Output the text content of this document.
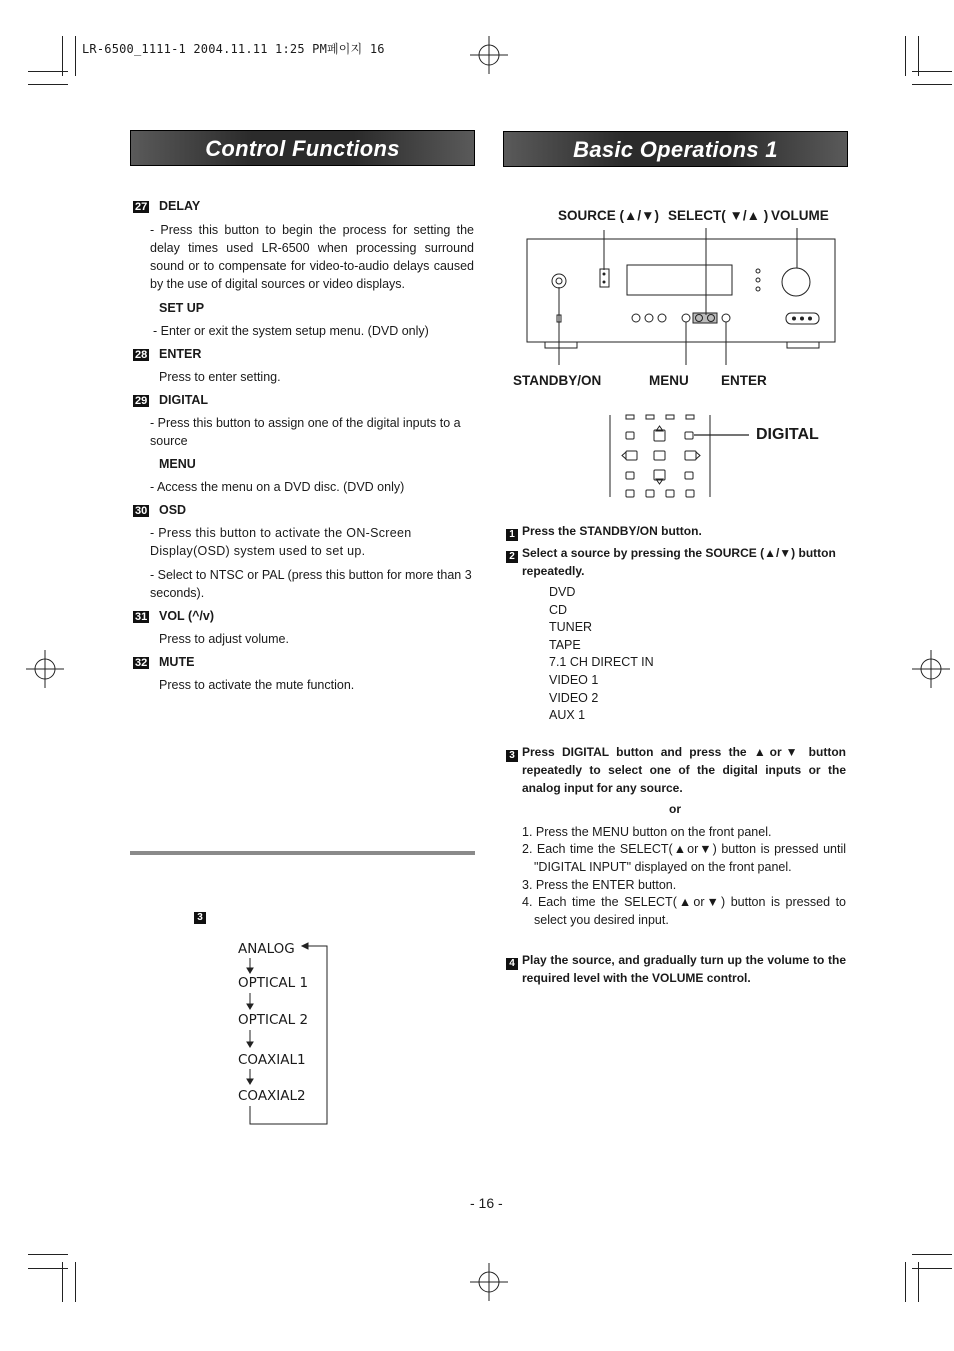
LR-6500_1111-1 2004.11.11 1:25 PM페이지 16
Control Functions
27 DELAY
- Press this button to begin the process for setting the delay times used LR-6500 when processing surround sound or to compensate for video-to-audio delays caused by the use of digital sources or video displays.
SET UP
- Enter or exit the system setup menu. (DVD only)
28 ENTER
Press to enter setting.
29 DIGITAL
- Press this button to assign one of the digital inputs to a source
MENU
- Access the menu on a DVD disc. (DVD only)
30 OSD
- Press this button to activate the ON-Screen Display(OSD) system used to set up.
- Select to NTSC or PAL (press this button for more than 3 seconds).
31 VOL (^/v)
Press to adjust volume.
32 MUTE
Press to activate the mute function.
3
ANALOG
OPTICAL 1
OPTICAL 2
COAXIAL1
COAXIAL2
Basic Operations 1
SOURCE (▲/▼) SELECT( ▼/▲ ) VOLUME
STANDBY/ON	MENU ENTER
DIGITAL
1 Press the STANDBY/ON button.
2 Select a source by pressing the SOURCE (▲/▼) button repeatedly.
DVD
CD
TUNER
TAPE
7.1 CH DIRECT IN
VIDEO 1
VIDEO 2
AUX 1
3 Press DIGITAL button and press the ▲or▼ button repeatedly to select one of the digital inputs or the analog input for any source.
or
1. Press the MENU button on the front panel.
2. Each time the SELECT(▲or▼) button is pressed until "DIGITAL INPUT" displayed on the front panel.
3. Press the ENTER button.
4. Each time the SELECT(▲or▼) button is pressed to select you desired input.
4 Play the source, and gradually turn up the volume to the required level with the VOLUME control.
- 16 -
